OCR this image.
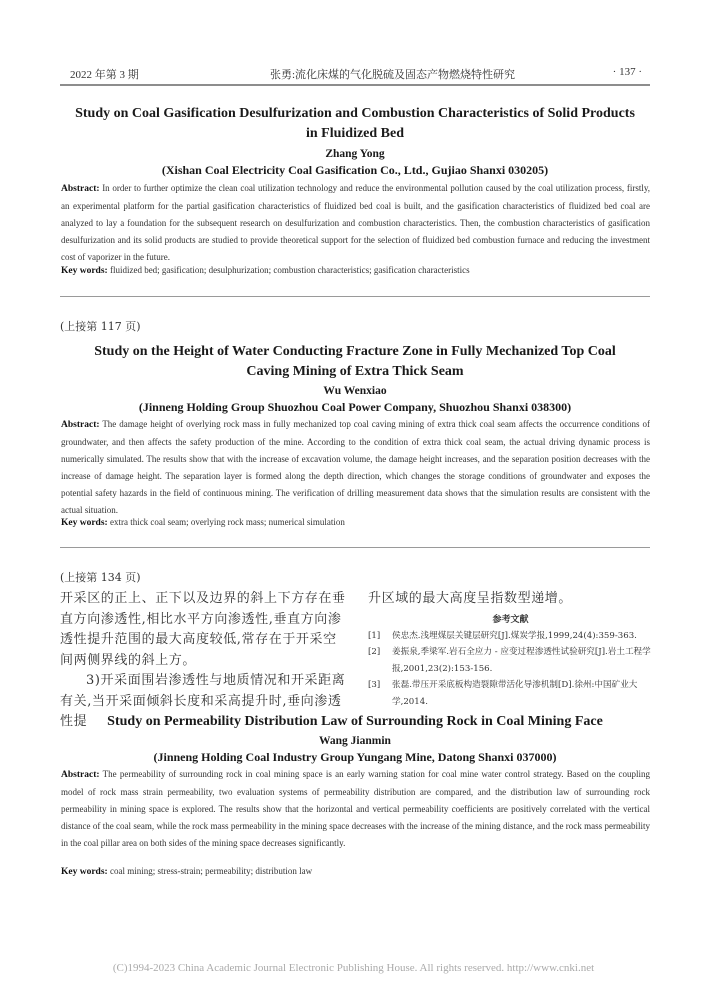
2022 年第 3 期	张勇:流化床煤的气化脱硫及固态产物燃烧特性研究	· 137 ·
Study on Coal Gasification Desulfurization and Combustion Characteristics of Solid Products
in Fluidized Bed
Zhang Yong
(Xishan Coal Electricity Coal Gasification Co., Ltd., Gujiao Shanxi 030205)
Abstract: In order to further optimize the clean coal utilization technology and reduce the environmental pollution caused by the coal utilization process, firstly, an experimental platform for the partial gasification characteristics of fluidized bed coal is built, and the gasification characteristics of fluidized bed coal are analyzed to lay a foundation for the subsequent research on desulfurization and combustion characteristics. Then, the combustion characteristics of gasification desulfurization and its solid products are studied to provide theoretical support for the selection of fluidized bed combustion furnace and reducing the investment cost of vaporizer in the future.
Key words: fluidized bed; gasification; desulphurization; combustion characteristics; gasification characteristics
(上接第 117 页)
Study on the Height of Water Conducting Fracture Zone in Fully Mechanized Top Coal
Caving Mining of Extra Thick Seam
Wu Wenxiao
(Jinneng Holding Group Shuozhou Coal Power Company, Shuozhou Shanxi 038300)
Abstract: The damage height of overlying rock mass in fully mechanized top coal caving mining of extra thick coal seam affects the occurrence conditions of groundwater, and then affects the safety production of the mine. According to the condition of extra thick coal seam, the actual driving dynamic process is numerically simulated. The results show that with the increase of excavation volume, the damage height increases, and the separation position decreases with the increase of damage height. The separation layer is formed along the depth direction, which changes the storage conditions of groundwater and exposes the potential safety hazards in the field of continuous mining. The verification of drilling measurement data shows that the simulation results are consistent with the actual situation.
Key words: extra thick coal seam; overlying rock mass; numerical simulation
(上接第 134 页)
开采区的正上、正下以及边界的斜上下方存在垂直方向渗透性,相比水平方向渗透性,垂直方向渗透性提升范围的最大高度较低,常存在于开采空间两侧界线的斜上方。
3)开采面围岩渗透性与地质情况和开采距离有关,当开采面倾斜长度和采高提升时,垂向渗透性提
升区域的最大高度呈指数型递增。
参考文献
[1] 侯忠杰.浅埋煤层关键层研究[J].煤炭学报,1999,24(4):359-363.
[2] 姜振泉,季梁军.岩石全应力 - 应变过程渗透性试验研究[J].岩土工程学报,2001,23(2):153-156.
[3] 张磊.带压开采底板构造裂隙带活化导渗机制[D].徐州:中国矿业大学,2014.
Study on Permeability Distribution Law of Surrounding Rock in Coal Mining Face
Wang Jianmin
(Jinneng Holding Coal Industry Group Yungang Mine, Datong Shanxi 037000)
Abstract: The permeability of surrounding rock in coal mining space is an early warning station for coal mine water control strategy. Based on the coupling model of rock mass strain permeability, two evaluation systems of permeability distribution are compared, and the distribution law of surrounding rock permeability in mining space is explored. The results show that the horizontal and vertical permeability coefficients are positively correlated with the vertical distance of the coal seam, while the rock mass permeability in the mining space decreases with the increase of the mining distance, and the rock mass permeability in the coal pillar area on both sides of the mining space decreases significantly.
Key words: coal mining; stress-strain; permeability; distribution law
(C)1994-2023 China Academic Journal Electronic Publishing House. All rights reserved. http://www.cnki.net
